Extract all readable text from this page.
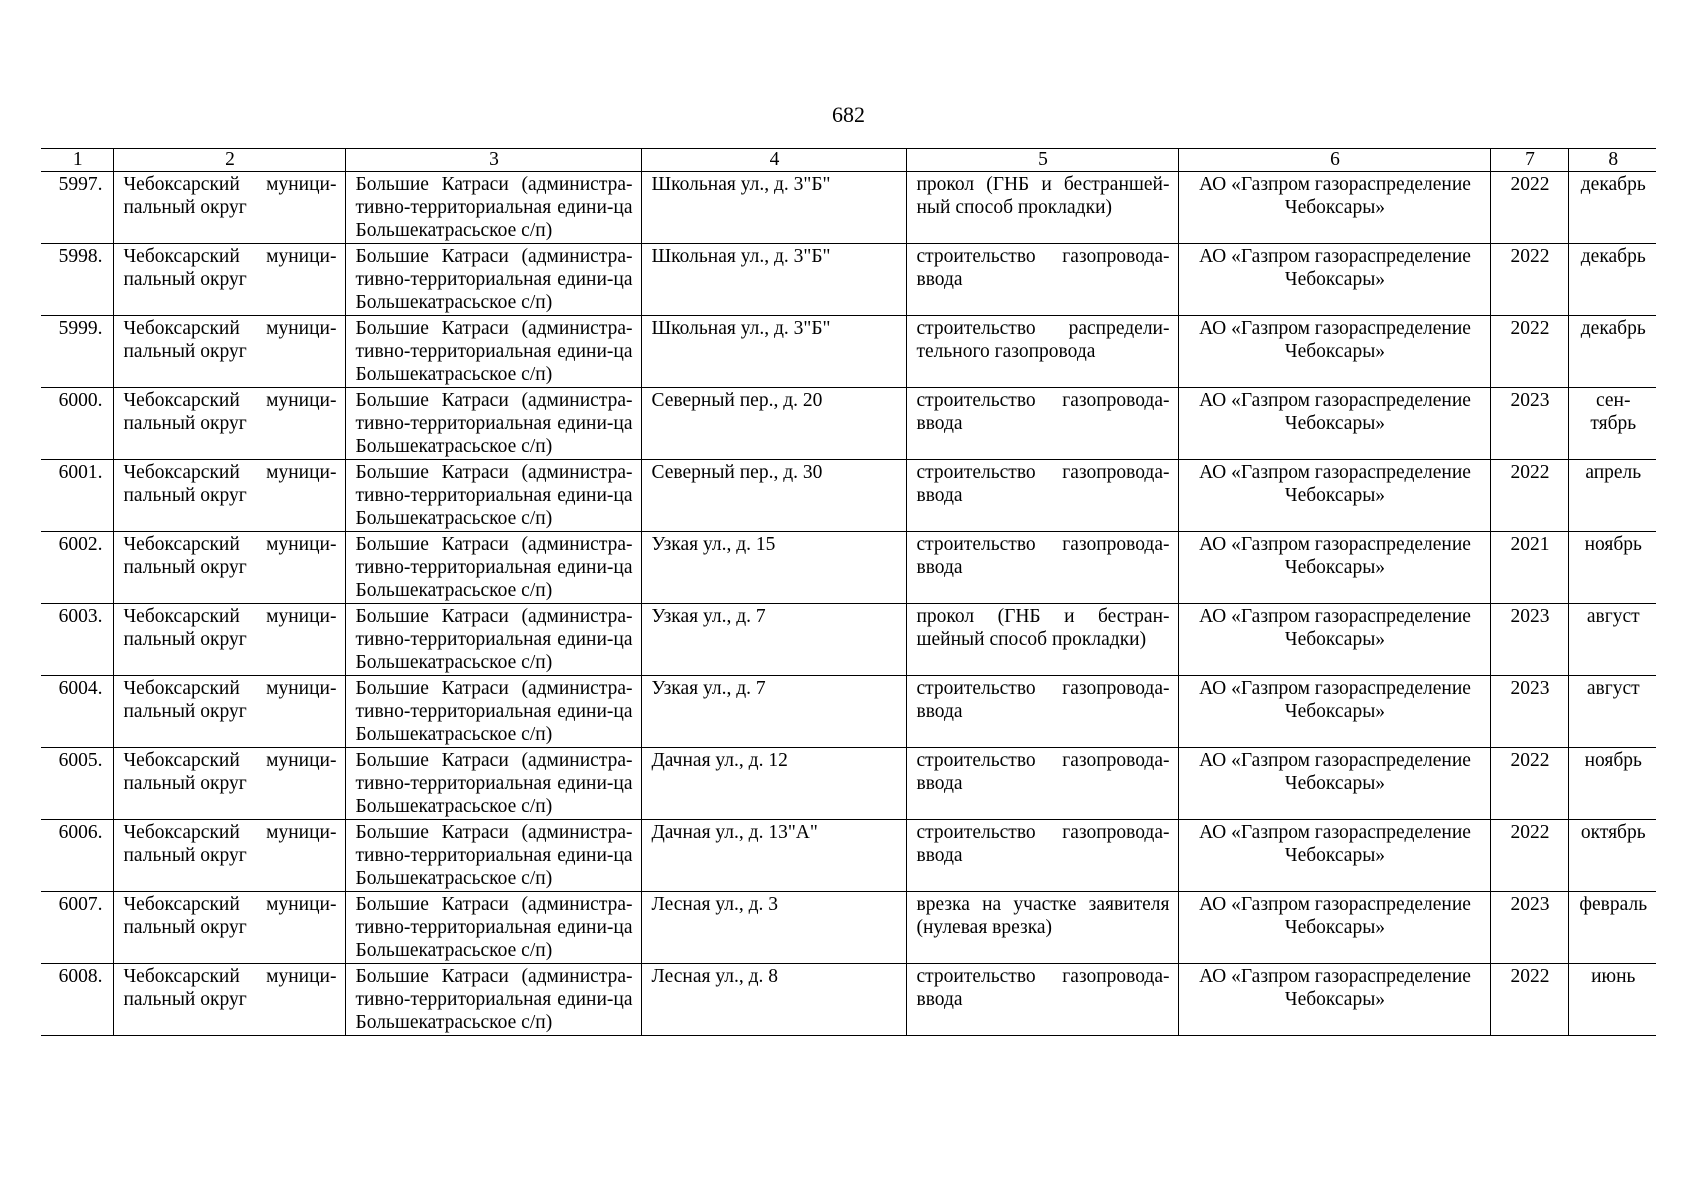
682
1	2	3	4	5	6	7	8
5997.	Чебоксарский муници-пальный округ	Большие Катраси (администра-тивно-территориальная едини-ца Большекатрасьское с/п)	Школьная ул., д. 3"Б"	прокол (ГНБ и бестраншей-ный способ прокладки)	АО «Газпром газораспределение Чебоксары»	2022	декабрь
5998.	Чебоксарский муници-пальный округ	Большие Катраси (администра-тивно-территориальная едини-ца Большекатрасьское с/п)	Школьная ул., д. 3"Б"	строительство газопровода-ввода	АО «Газпром газораспределение Чебоксары»	2022	декабрь
5999.	Чебоксарский муници-пальный округ	Большие Катраси (администра-тивно-территориальная едини-ца Большекатрасьское с/п)	Школьная ул., д. 3"Б"	строительство распредели-тельного газопровода	АО «Газпром газораспределение Чебоксары»	2022	декабрь
6000.	Чебоксарский муници-пальный округ	Большие Катраси (администра-тивно-территориальная едини-ца Большекатрасьское с/п)	Северный пер., д. 20	строительство газопровода-ввода	АО «Газпром газораспределение Чебоксары»	2023	сен-тябрь
6001.	Чебоксарский муници-пальный округ	Большие Катраси (администра-тивно-территориальная едини-ца Большекатрасьское с/п)	Северный пер., д. 30	строительство газопровода-ввода	АО «Газпром газораспределение Чебоксары»	2022	апрель
6002.	Чебоксарский муници-пальный округ	Большие Катраси (администра-тивно-территориальная едини-ца Большекатрасьское с/п)	Узкая ул., д. 15	строительство газопровода-ввода	АО «Газпром газораспределение Чебоксары»	2021	ноябрь
6003.	Чебоксарский муници-пальный округ	Большие Катраси (администра-тивно-территориальная едини-ца Большекатрасьское с/п)	Узкая ул., д. 7	прокол (ГНБ и бестран-шейный способ прокладки)	АО «Газпром газораспределение Чебоксары»	2023	август
6004.	Чебоксарский муници-пальный округ	Большие Катраси (администра-тивно-территориальная едини-ца Большекатрасьское с/п)	Узкая ул., д. 7	строительство газопровода-ввода	АО «Газпром газораспределение Чебоксары»	2023	август
6005.	Чебоксарский муници-пальный округ	Большие Катраси (администра-тивно-территориальная едини-ца Большекатрасьское с/п)	Дачная ул., д. 12	строительство газопровода-ввода	АО «Газпром газораспределение Чебоксары»	2022	ноябрь
6006.	Чебоксарский муници-пальный округ	Большие Катраси (администра-тивно-территориальная едини-ца Большекатрасьское с/п)	Дачная ул., д. 13"А"	строительство газопровода-ввода	АО «Газпром газораспределение Чебоксары»	2022	октябрь
6007.	Чебоксарский муници-пальный округ	Большие Катраси (администра-тивно-территориальная едини-ца Большекатрасьское с/п)	Лесная ул., д. 3	врезка на участке заявителя (нулевая врезка)	АО «Газпром газораспределение Чебоксары»	2023	февраль
6008.	Чебоксарский муници-пальный округ	Большие Катраси (администра-тивно-территориальная едини-ца Большекатрасьское с/п)	Лесная ул., д. 8	строительство газопровода-ввода	АО «Газпром газораспределение Чебоксары»	2022	июнь
